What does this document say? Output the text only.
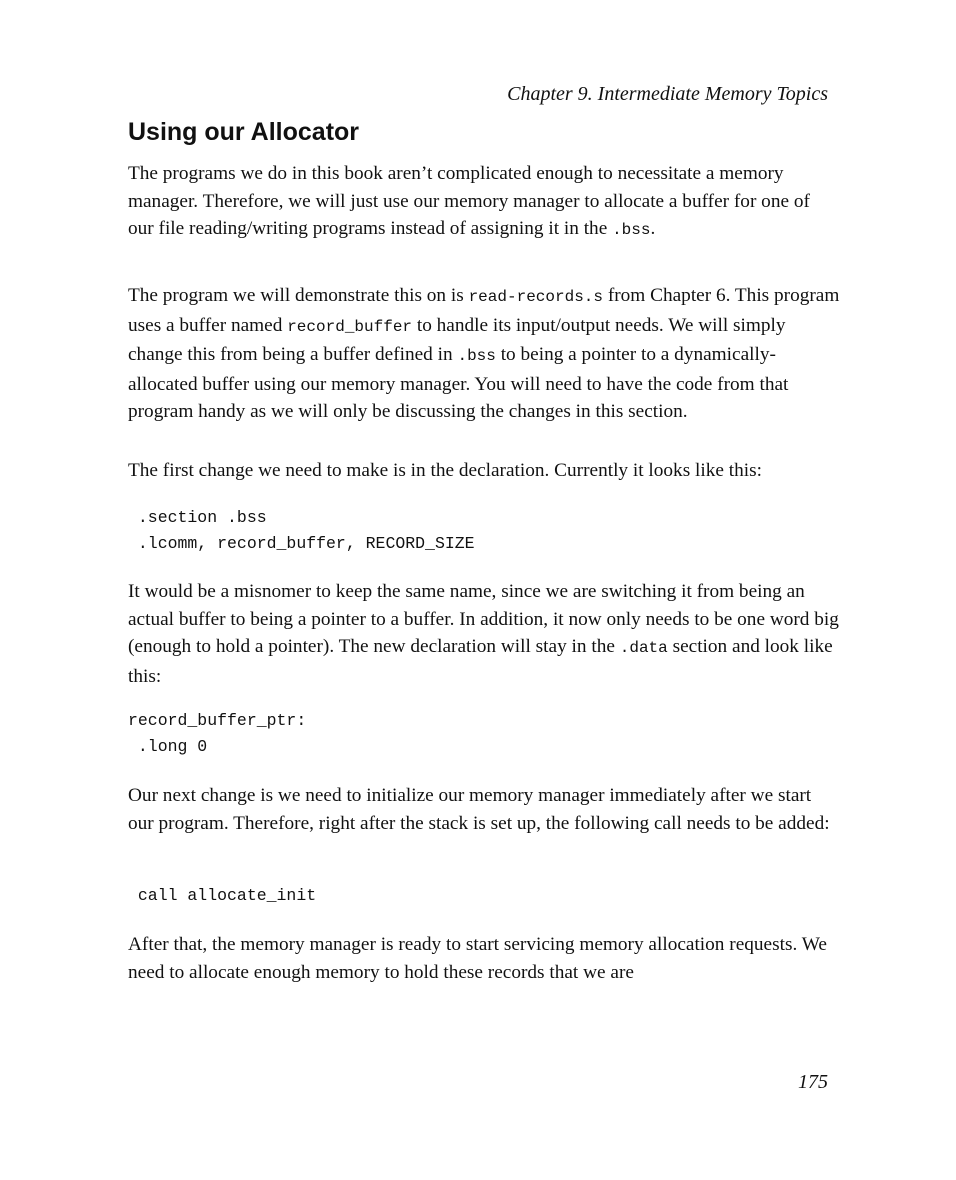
Chapter 9. Intermediate Memory Topics
Using our Allocator

The programs we do in this book aren’t complicated enough to necessitate a memory manager. Therefore, we will just use our memory manager to allocate a buffer for one of our file reading/writing programs instead of assigning it in the .bss.

The program we will demonstrate this on is read-records.s from Chapter 6. This program uses a buffer named record_buffer to handle its input/output needs. We will simply change this from being a buffer defined in .bss to being a pointer to a dynamically-allocated buffer using our memory manager. You will need to have the code from that program handy as we will only be discussing the changes in this section.

The first change we need to make is in the declaration. Currently it looks like this:

.section .bss
.lcomm, record_buffer, RECORD_SIZE

It would be a misnomer to keep the same name, since we are switching it from being an actual buffer to being a pointer to a buffer. In addition, it now only needs to be one word big (enough to hold a pointer). The new declaration will stay in the .data section and look like this:

record_buffer_ptr:
.long 0

Our next change is we need to initialize our memory manager immediately after we start our program. Therefore, right after the stack is set up, the following call needs to be added:

call allocate_init

After that, the memory manager is ready to start servicing memory allocation requests. We need to allocate enough memory to hold these records that we are

175
